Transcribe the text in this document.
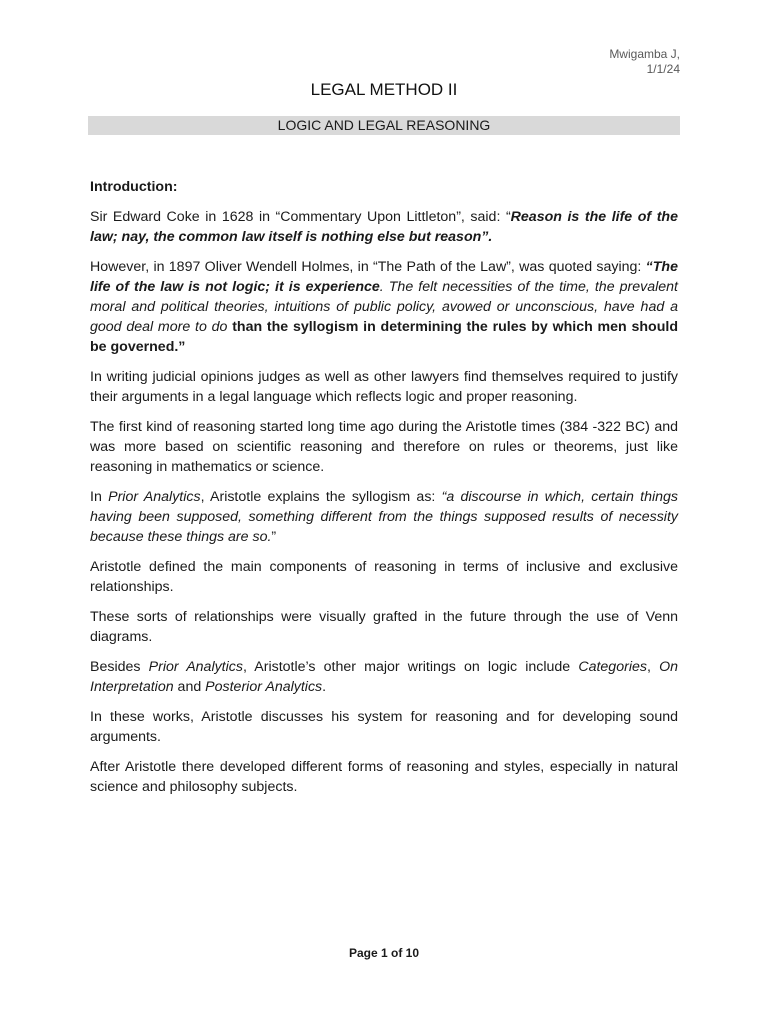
Mwigamba J,
1/1/24
LEGAL METHOD II
LOGIC AND LEGAL REASONING

Introduction:

Sir Edward Coke in 1628 in “Commentary Upon Littleton”, said: “Reason is the life of the law; nay, the common law itself is nothing else but reason”.

However, in 1897 Oliver Wendell Holmes, in “The Path of the Law”, was quoted saying: “The life of the law is not logic; it is experience. The felt necessities of the time, the prevalent moral and political theories, intuitions of public policy, avowed or unconscious, have had a good deal more to do than the syllogism in determining the rules by which men should be governed.”

In writing judicial opinions judges as well as other lawyers find themselves required to justify their arguments in a legal language which reflects logic and proper reasoning.

The first kind of reasoning started long time ago during the Aristotle times (384 -322 BC) and was more based on scientific reasoning and therefore on rules or theorems, just like reasoning in mathematics or science.

In Prior Analytics, Aristotle explains the syllogism as: “a discourse in which, certain things having been supposed, something different from the things supposed results of necessity because these things are so.”

Aristotle defined the main components of reasoning in terms of inclusive and exclusive relationships.

These sorts of relationships were visually grafted in the future through the use of Venn diagrams.

Besides Prior Analytics, Aristotle’s other major writings on logic include Categories, On Interpretation and Posterior Analytics.

In these works, Aristotle discusses his system for reasoning and for developing sound arguments.

After Aristotle there developed different forms of reasoning and styles, especially in natural science and philosophy subjects.

Page 1 of 10
